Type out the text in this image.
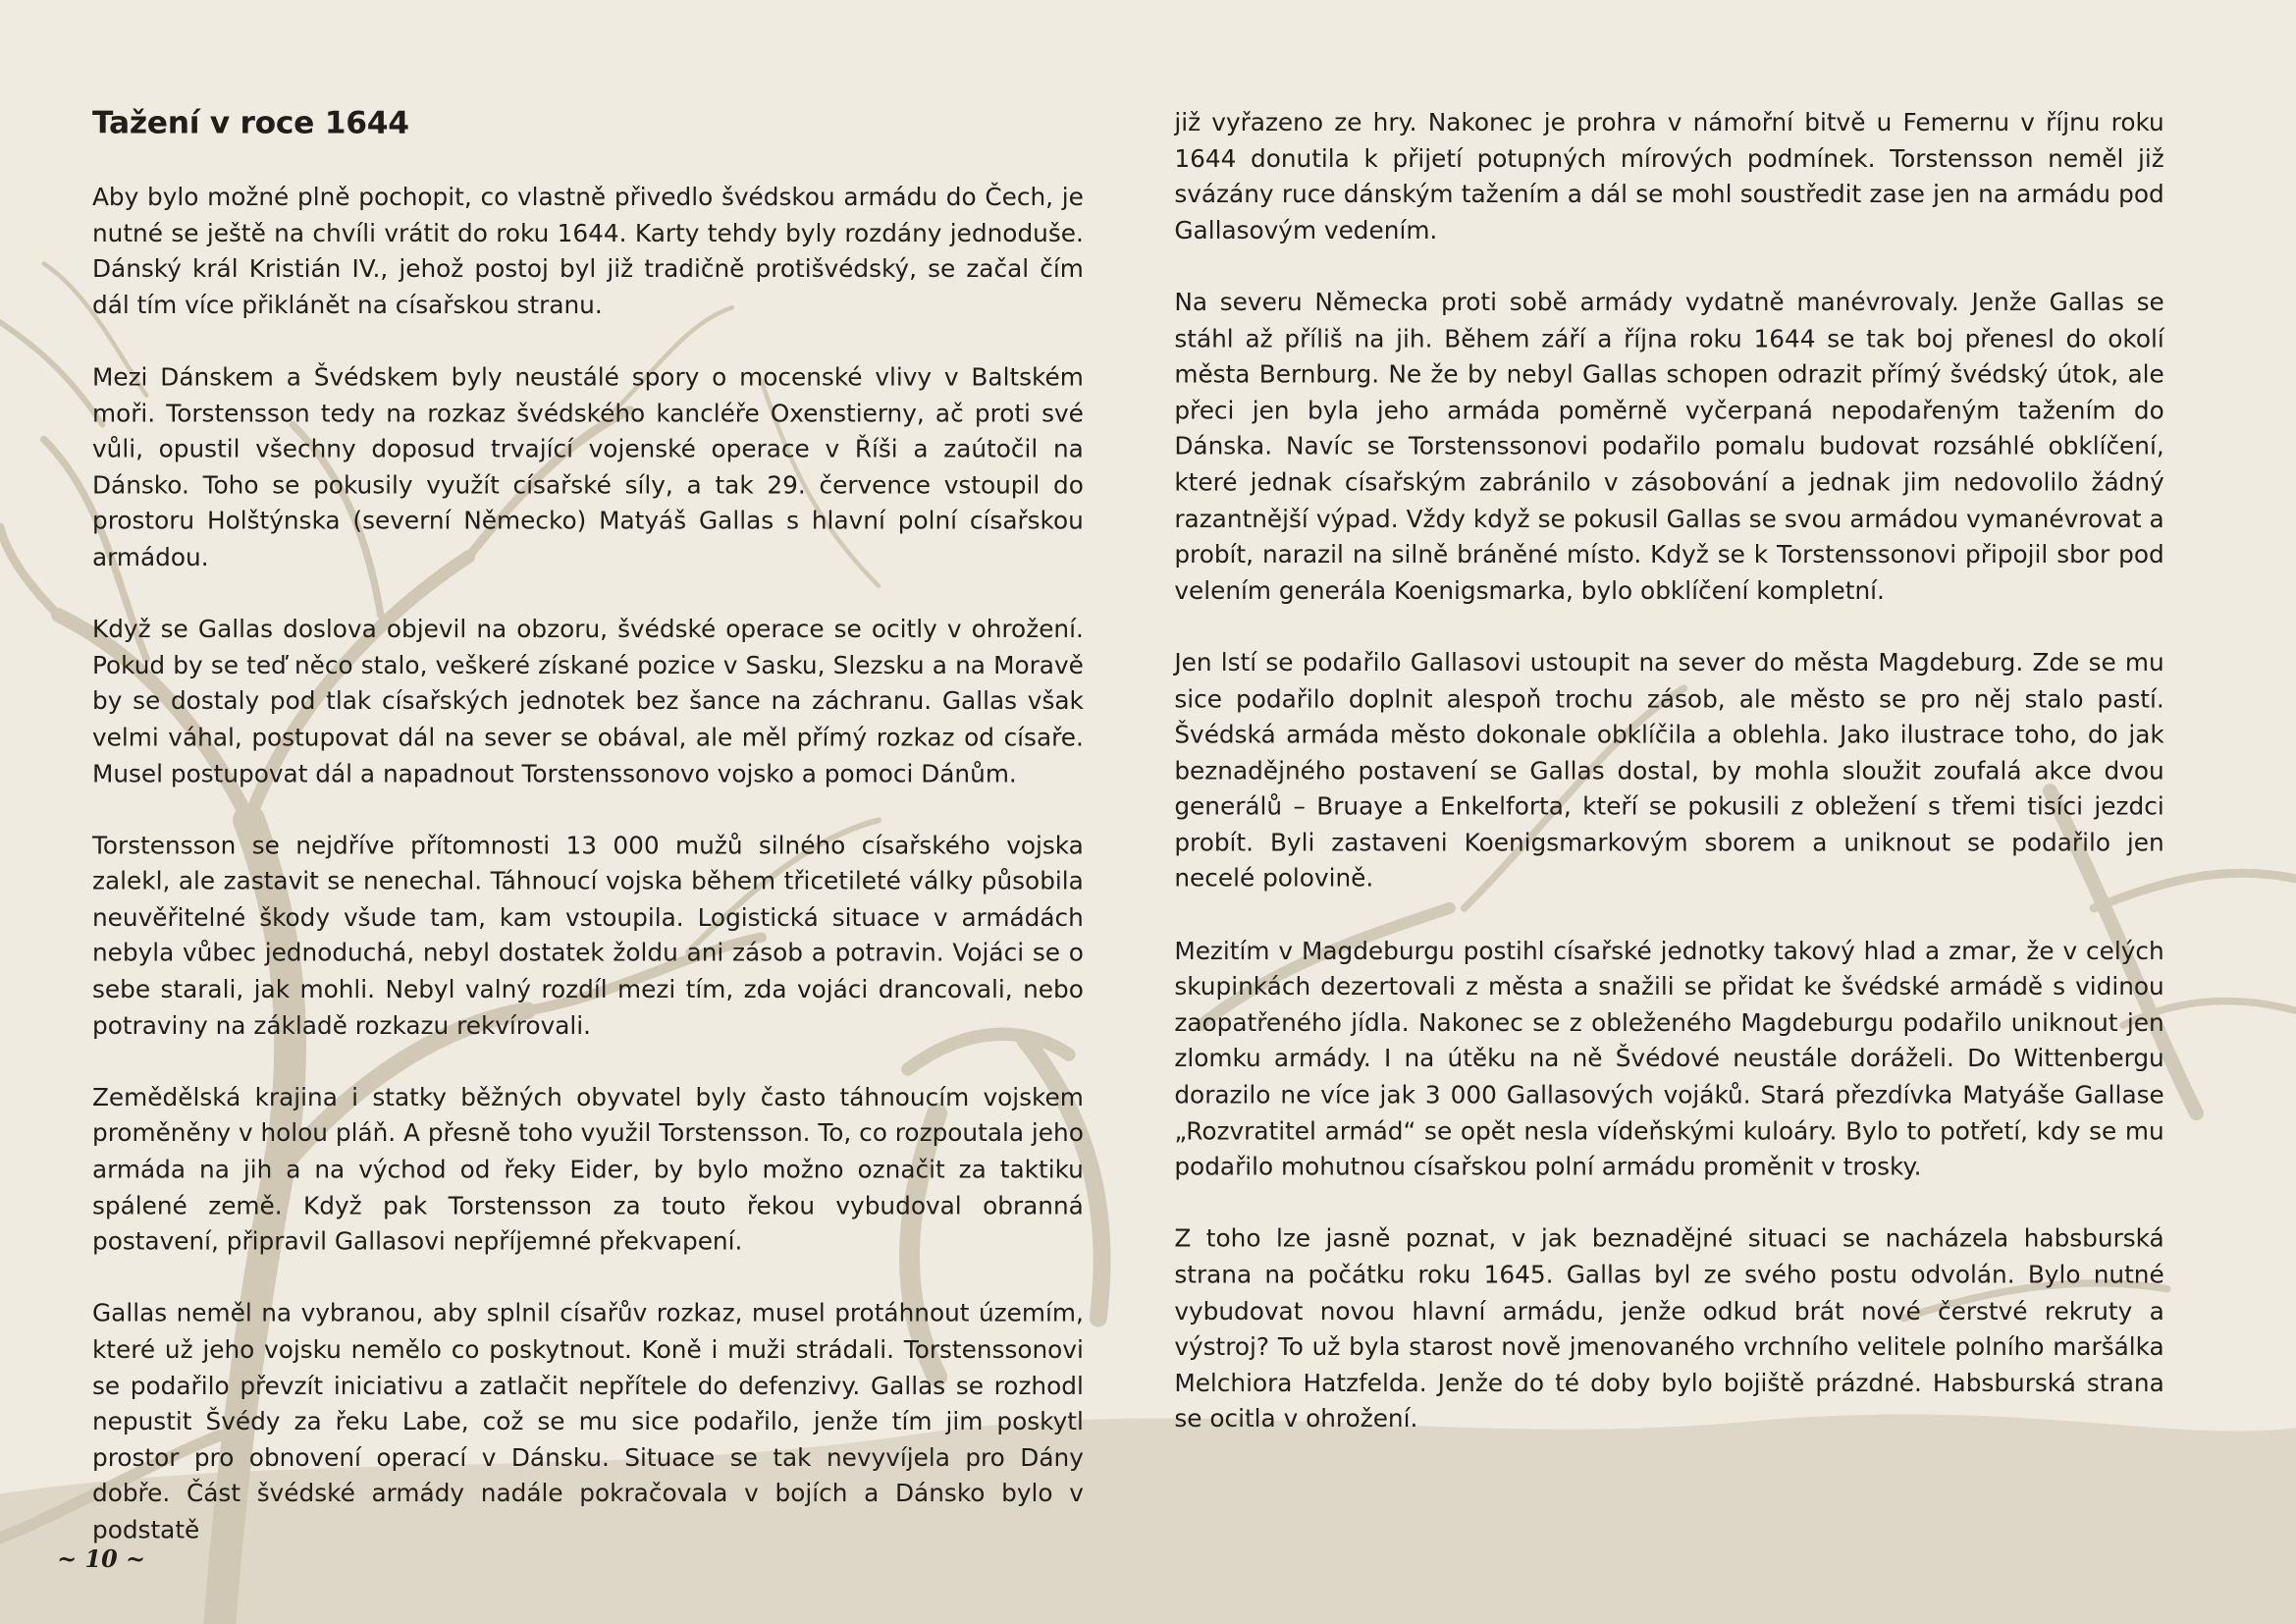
Tažení v roce 1644

Aby bylo možné plně pochopit, co vlastně přivedlo švédskou armádu do Čech, je nutné se ještě na chvíli vrátit do roku 1644. Karty tehdy byly rozdány jednoduše. Dánský král Kristián IV., jehož postoj byl již tradičně protišvédský, se začal čím dál tím více přiklánět na císařskou stranu.

Mezi Dánskem a Švédskem byly neustálé spory o mocenské vlivy v Baltském moři. Torstensson tedy na rozkaz švédského kancléře Oxenstierny, ač proti své vůli, opustil všechny doposud trvající vojenské operace v Říši a zaútočil na Dánsko. Toho se pokusily využít císařské síly, a tak 29. července vstoupil do prostoru Holštýnska (severní Německo) Matyáš Gallas s hlavní polní císařskou armádou.

Když se Gallas doslova objevil na obzoru, švédské operace se ocitly v ohrožení. Pokud by se teď něco stalo, veškeré získané pozice v Sasku, Slezsku a na Moravě by se dostaly pod tlak císařských jednotek bez šance na záchranu. Gallas však velmi váhal, postupovat dál na sever se obával, ale měl přímý rozkaz od císaře. Musel postupovat dál a napadnout Torstenssonovo vojsko a pomoci Dánům.

Torstensson se nejdříve přítomnosti 13 000 mužů silného císařského vojska zalekl, ale zastavit se nenechal. Táhnoucí vojska během třicetileté války působila neuvěřitelné škody všude tam, kam vstoupila. Logistická situace v armádách nebyla vůbec jednoduchá, nebyl dostatek žoldu ani zásob a potravin. Vojáci se o sebe starali, jak mohli. Nebyl valný rozdíl mezi tím, zda vojáci drancovali, nebo potraviny na základě rozkazu rekvírovali.

Zemědělská krajina i statky běžných obyvatel byly často táhnoucím vojskem proměněny v holou pláň. A přesně toho využil Torstensson. To, co rozpoutala jeho armáda na jih a na východ od řeky Eider, by bylo možno označit za taktiku spálené země. Když pak Torstensson za touto řekou vybudoval obranná postavení, připravil Gallasovi nepříjemné překvapení.

Gallas neměl na vybranou, aby splnil císařův rozkaz, musel protáhnout územím, které už jeho vojsku nemělo co poskytnout. Koně i muži strádali. Torstenssonovi se podařilo převzít iniciativu a zatlačit nepřítele do defenzivy. Gallas se rozhodl nepustit Švédy za řeku Labe, což se mu sice podařilo, jenže tím jim poskytl prostor pro obnovení operací v Dánsku. Situace se tak nevyvíjela pro Dány dobře. Část švédské armády nadále pokračovala v bojích a Dánsko bylo v podstatě

již vyřazeno ze hry. Nakonec je prohra v námořní bitvě u Femernu v říjnu roku 1644 donutila k přijetí potupných mírových podmínek. Torstensson neměl již svázány ruce dánským tažením a dál se mohl soustředit zase jen na armádu pod Gallasovým vedením.

Na severu Německa proti sobě armády vydatně manévrovaly. Jenže Gallas se stáhl až příliš na jih. Během září a října roku 1644 se tak boj přenesl do okolí města Bernburg. Ne že by nebyl Gallas schopen odrazit přímý švédský útok, ale přeci jen byla jeho armáda poměrně vyčerpaná nepodařeným tažením do Dánska. Navíc se Torstenssonovi podařilo pomalu budovat rozsáhlé obklíčení, které jednak císařským zabránilo v zásobování a jednak jim nedovolilo žádný razantnější výpad. Vždy když se pokusil Gallas se svou armádou vymanévrovat a probít, narazil na silně bráněné místo. Když se k Torstenssonovi připojil sbor pod velením generála Koenigsmarka, bylo obklíčení kompletní.

Jen lstí se podařilo Gallasovi ustoupit na sever do města Magdeburg. Zde se mu sice podařilo doplnit alespoň trochu zásob, ale město se pro něj stalo pastí. Švédská armáda město dokonale obklíčila a oblehla. Jako ilustrace toho, do jak beznadějného postavení se Gallas dostal, by mohla sloužit zoufalá akce dvou generálů – Bruaye a Enkelforta, kteří se pokusili z obležení s třemi tisíci jezdci probít. Byli zastaveni Koenigsmarkovým sborem a uniknout se podařilo jen necelé polovině.

Mezitím v Magdeburgu postihl císařské jednotky takový hlad a zmar, že v celých skupinkách dezertovali z města a snažili se přidat ke švédské armádě s vidinou zaopatřeného jídla. Nakonec se z obleženého Magdeburgu podařilo uniknout jen zlomku armády. I na útěku na ně Švédové neustále doráželi. Do Wittenbergu dorazilo ne více jak 3 000 Gallasových vojáků. Stará přezdívka Matyáše Gallase „Rozvratitel armád“ se opět nesla vídeňskými kuloáry. Bylo to potřetí, kdy se mu podařilo mohutnou císařskou polní armádu proměnit v trosky.

Z toho lze jasně poznat, v jak beznadějné situaci se nacházela habsburská strana na počátku roku 1645. Gallas byl ze svého postu odvolán. Bylo nutné vybudovat novou hlavní armádu, jenže odkud brát nové čerstvé rekruty a výstroj? To už byla starost nově jmenovaného vrchního velitele polního maršálka Melchiora Hatzfelda. Jenže do té doby bylo bojiště prázdné. Habsburská strana se ocitla v ohrožení.

~ 10 ~
